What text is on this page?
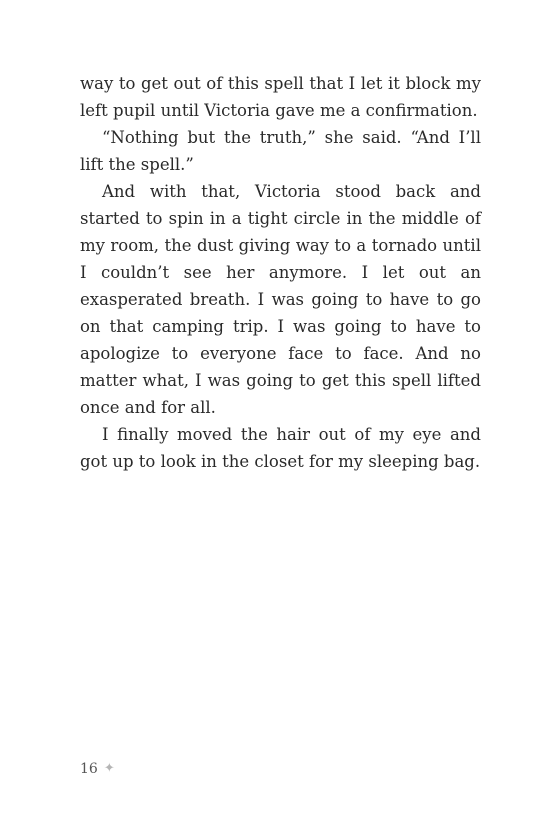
way to get out of this spell that I let it block my left pupil until Victoria gave me a confirmation.

“Nothing but the truth,” she said. “And I’ll lift the spell.”

And with that, Victoria stood back and started to spin in a tight circle in the middle of my room, the dust giving way to a tornado until I couldn’t see her anymore. I let out an exasperated breath. I was going to have to go on that camping trip. I was going to have to apologize to everyone face to face. And no matter what, I was going to get this spell lifted once and for all.

I finally moved the hair out of my eye and got up to look in the closet for my sleeping bag.

16 ✦
